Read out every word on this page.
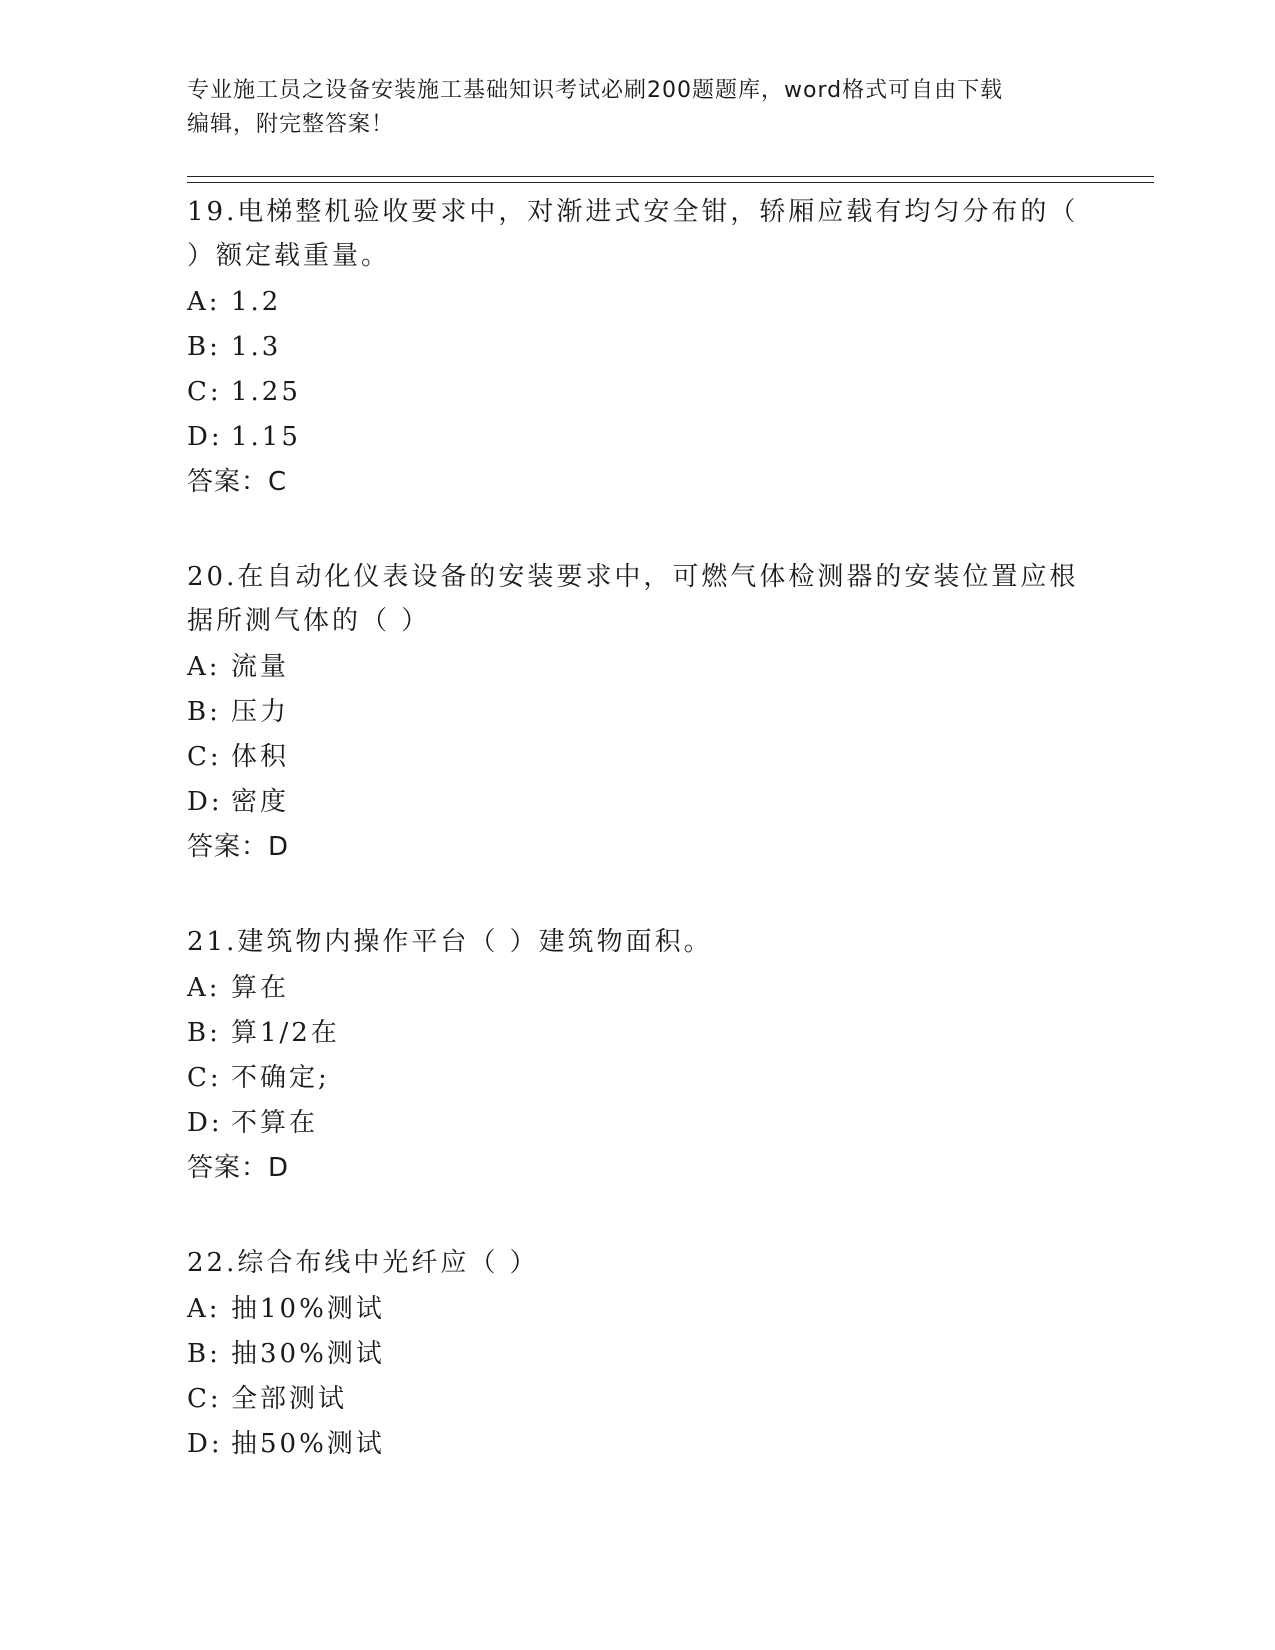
专业施工员之设备安装施工基础知识考试必刷200题题库，word格式可自由下载
编辑，附完整答案！
19.电梯整机验收要求中，对渐进式安全钳，轿厢应载有均匀分布的（
）额定载重量。
A: 1.2
B: 1.3
C: 1.25
D: 1.15
答案：C
20.在自动化仪表设备的安装要求中，可燃气体检测器的安装位置应根
据所测气体的（ ）
A: 流量
B: 压力
C: 体积
D: 密度
答案：D
21.建筑物内操作平台（ ）建筑物面积。
A: 算在
B: 算1/2在
C: 不确定;
D: 不算在
答案：D
22.综合布线中光纤应（ ）
A: 抽10%测试
B: 抽30%测试
C: 全部测试
D: 抽50%测试
